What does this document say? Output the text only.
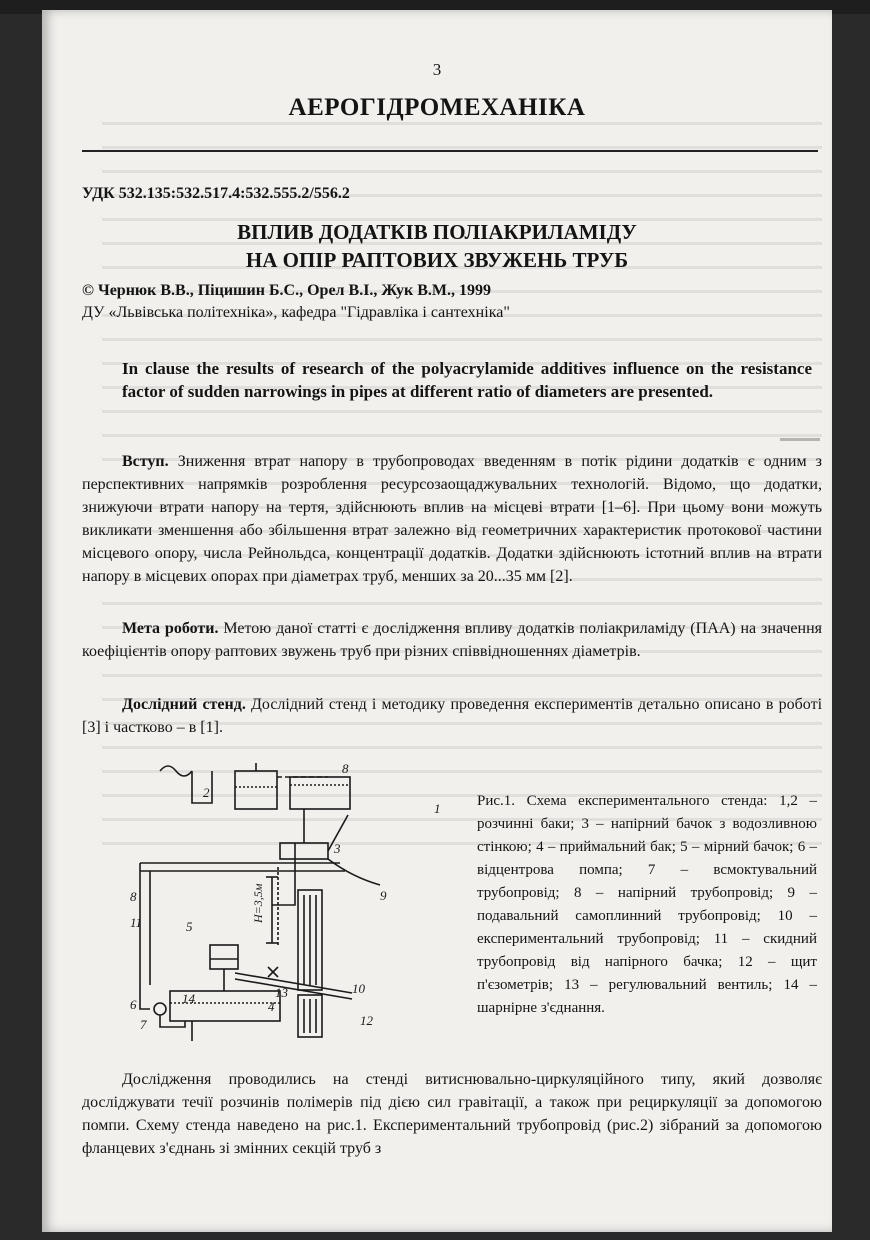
3
АЕРОГІДРОМЕХАНІКА
УДК 532.135:532.517.4:532.555.2/556.2
ВПЛИВ ДОДАТКІВ ПОЛІАКРИЛАМІДУ
НА ОПІР РАПТОВИХ ЗВУЖЕНЬ ТРУБ
© Чернюк В.В., Піцишин Б.С., Орел В.І., Жук В.М., 1999
ДУ «Львівська політехніка», кафедра "Гідравліка і сантехніка"
In clause the results of research of the polyacrylamide additives influence on the resistance factor of sudden narrowings in pipes at different ratio of diameters are presented.

Вступ. Зниження втрат напору в трубопроводах введенням в потік рідини додатків є одним з перспективних напрямків розроблення ресурсозаощаджувальних технологій. Відомо, що додатки, знижуючи втрати напору на тертя, здійснюють вплив на місцеві втрати [1–6]. При цьому вони можуть викликати зменшення або збільшення втрат залежно від геометричних характеристик протокової частини місцевого опору, числа Рейнольдса, концентрації додатків. Додатки здійснюють істотний вплив на втрати напору в місцевих опорах при діаметрах труб, менших за 20...35 мм [2].

Мета роботи. Метою даної статті є дослідження впливу додатків поліакриламіду (ПАА) на значення коефіцієнтів опору раптових звужень труб при різних співвідношеннях діаметрів.

Дослідний стенд. Дослідний стенд і методику проведення експериментів детально описано в роботі [3] і частково – в [1].

8
2
1
3
9
8
11	5
H=3,5м
10
6	14	13
4
7	12
Рис.1. Схема експериментального стенда: 1,2 – розчинні баки; 3 – напірний бачок з водозливною стінкою; 4 – приймальний бак; 5 – мірний бачок; 6 – відцентрова помпа; 7 – всмоктувальний трубопровід; 8 – напірний трубопровід; 9 – подавальний самоплинний трубопровід; 10 – експериментальний трубопровід; 11 – скидний трубопровід від напірного бачка; 12 – щит п'єзометрів; 13 – регулювальний вентиль; 14 – шарнірне з'єднання.

Дослідження проводились на стенді витиснювально-циркуляційного типу, який дозволяє досліджувати течії розчинів полімерів під дією сил гравітації, а також при рециркуляції за допомогою помпи. Схему стенда наведено на рис.1. Експериментальний трубопровід (рис.2) зібраний за допомогою фланцевих з'єднань зі змінних секцій труб з
